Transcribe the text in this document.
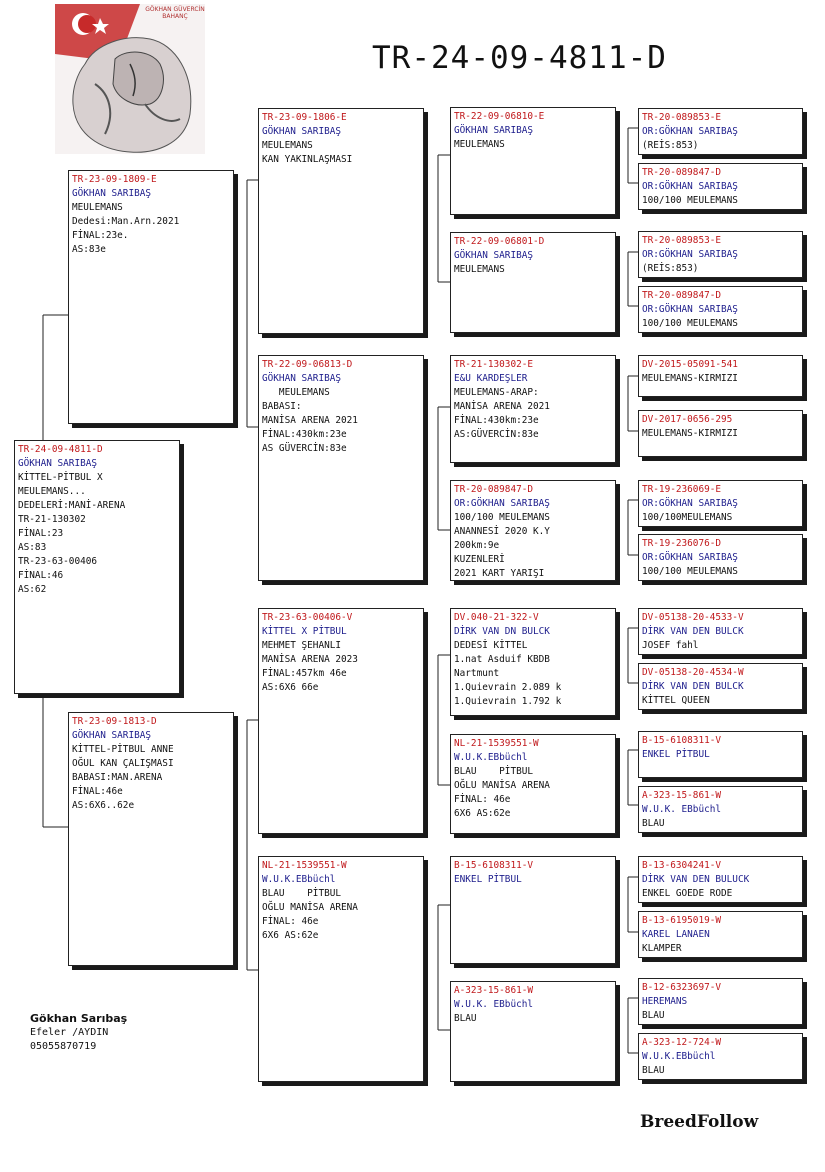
GÖKHAN GÜVERCİN BAHANÇ
TR-24-09-4811-D
TR-24-09-4811-D
GÖKHAN SARIBAŞ
KİTTEL-PİTBUL X
MEULEMANS...
DEDELERİ:MANİ-ARENA
TR-21-130302
FİNAL:23
AS:83
TR-23-63-00406
FİNAL:46
AS:62
TR-23-09-1809-E
GÖKHAN SARIBAŞ
MEULEMANS
Dedesi:Man.Arn.2021
FİNAL:23e.
AS:83e
TR-23-09-1813-D
GÖKHAN SARIBAŞ
KİTTEL-PİTBUL ANNE
OĞUL KAN ÇALIŞMASI
BABASI:MAN.ARENA
FİNAL:46e
AS:6X6..62e
TR-23-09-1806-E
GÖKHAN SARIBAŞ
MEULEMANS
KAN YAKINLAŞMASI
TR-22-09-06813-D
GÖKHAN SARIBAŞ
MEULEMANS
BABASI:
MANİSA ARENA 2021
FİNAL:430km:23e
AS GÜVERCİN:83e
TR-23-63-00406-V
KİTTEL X PİTBUL
MEHMET ŞEHANLI
MANİSA ARENA 2023
FİNAL:457km 46e
AS:6X6 66e
NL-21-1539551-W
W.U.K.EBbüchl
BLAU    PİTBUL
OĞLU MANİSA ARENA
FİNAL: 46e
6X6 AS:62e
TR-22-09-06810-E
GÖKHAN SARIBAŞ
MEULEMANS
TR-22-09-06801-D
GÖKHAN SARIBAŞ
MEULEMANS
TR-21-130302-E
E&U KARDEŞLER
MEULEMANS-ARAP:
MANİSA ARENA 2021
FİNAL:430km:23e
AS:GÜVERCİN:83e
TR-20-089847-D
OR:GÖKHAN SARIBAŞ
100/100 MEULEMANS
ANANNESİ 2020 K.Y
200km:9e
KUZENLERİ
2021 KART YARIŞI
DV.040-21-322-V
DİRK VAN DN BULCK
DEDESİ KİTTEL
1.nat Asduif KBDB
Nartmunt
1.Quievrain 2.089 k
1.Quievrain 1.792 k
NL-21-1539551-W
W.U.K.EBbüchl
BLAU    PİTBUL
OĞLU MANİSA ARENA
FİNAL: 46e
6X6 AS:62e
B-15-6108311-V
ENKEL PİTBUL
A-323-15-861-W
W.U.K. EBbüchl
BLAU
TR-20-089853-E
OR:GÖKHAN SARIBAŞ
(REİS:853)
TR-20-089847-D
OR:GÖKHAN SARIBAŞ
100/100 MEULEMANS
TR-20-089853-E
OR:GÖKHAN SARIBAŞ
(REİS:853)
TR-20-089847-D
OR:GÖKHAN SARIBAŞ
100/100 MEULEMANS
DV-2015-05091-541
MEULEMANS-KIRMIZI
DV-2017-0656-295
MEULEMANS-KIRMIZI
TR-19-236069-E
OR:GÖKHAN SARIBAŞ
100/100MEULEMANS
TR-19-236076-D
OR:GÖKHAN SARIBAŞ
100/100 MEULEMANS
DV-05138-20-4533-V
DİRK VAN DEN BULCK
JOSEF fahl
DV-05138-20-4534-W
DİRK VAN DEN BULCK
KİTTEL QUEEN
B-15-6108311-V
ENKEL PİTBUL
A-323-15-861-W
W.U.K. EBbüchl
BLAU
B-13-6304241-V
DİRK VAN DEN BULUCK
ENKEL GOEDE RODE
B-13-6195019-W
KAREL LANAEN
KLAMPER
B-12-6323697-V
HEREMANS
BLAU
A-323-12-724-W
W.U.K.EBbüchl
BLAU
Gökhan Sarıbaş
Efeler /AYDIN
05055870719
BreedFollow
